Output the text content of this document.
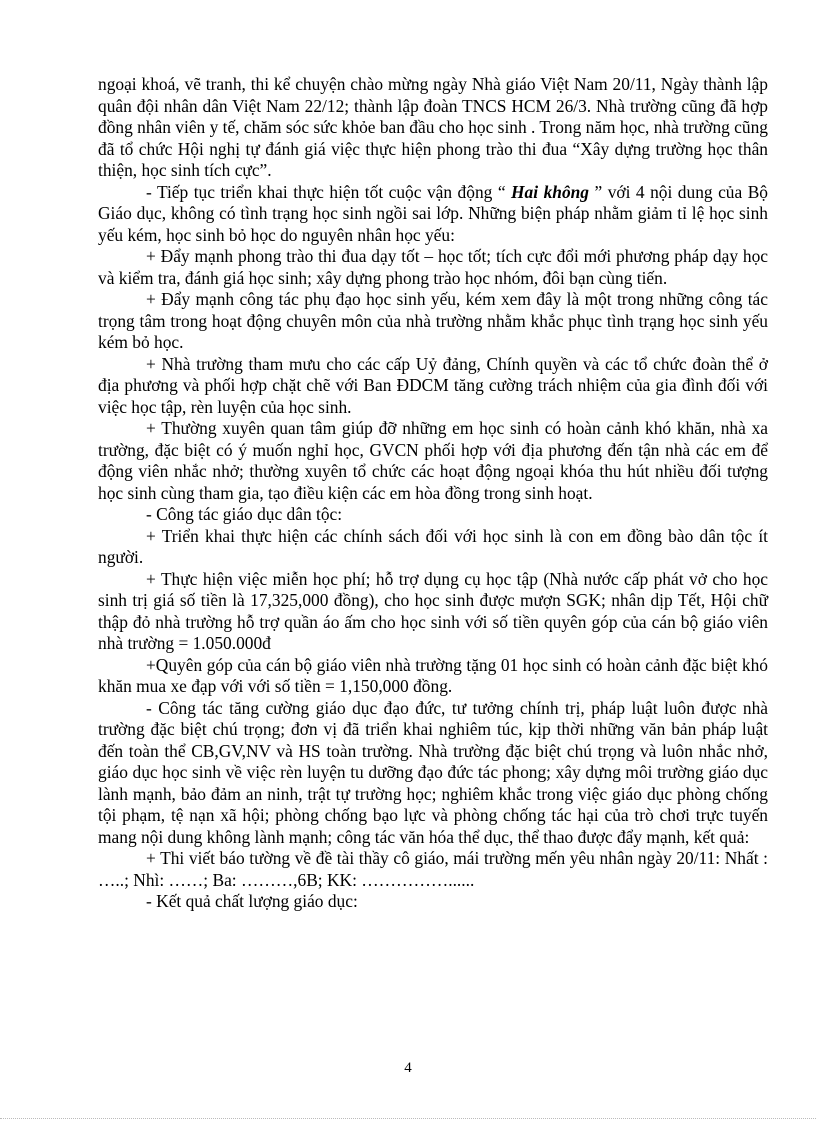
ngoại khoá, vẽ tranh, thi kể chuyện chào mừng ngày Nhà giáo Việt Nam 20/11, Ngày thành lập quân đội nhân dân Việt Nam 22/12; thành lập đoàn TNCS HCM 26/3. Nhà trường cũng đã hợp đồng nhân viên y tế, chăm sóc sức khỏe ban đầu cho học sinh . Trong năm học, nhà trường cũng đã tổ chức Hội nghị tự đánh giá việc thực hiện phong trào thi đua “Xây dựng trường học thân thiện, học sinh tích cực”.

- Tiếp tục triển khai thực hiện tốt cuộc vận động “ Hai không ” với 4 nội dung của Bộ Giáo dục, không có tình trạng học sinh ngồi sai lớp. Những biện pháp nhằm giảm tỉ lệ học sinh yếu kém, học sinh bỏ học do nguyên nhân học yếu:

+ Đẩy mạnh phong trào thi đua dạy tốt – học tốt; tích cực đổi mới phương pháp dạy học và kiểm tra, đánh giá học sinh; xây dựng phong trào học nhóm, đôi bạn cùng tiến.

+ Đẩy mạnh công tác phụ đạo học sinh yếu, kém xem đây là một trong những công tác trọng tâm trong hoạt động chuyên môn của nhà trường nhằm khắc phục tình trạng học sinh yếu kém bỏ học.

+ Nhà trường tham mưu cho các cấp Uỷ đảng, Chính quyền và các tổ chức đoàn thể ở địa phương và phối hợp chặt chẽ với Ban ĐDCM tăng cường trách nhiệm của gia đình đối với việc học tập, rèn luyện của học sinh.

+ Thường xuyên quan tâm giúp đỡ những em học sinh có hoàn cảnh khó khăn, nhà xa trường, đặc biệt có ý muốn nghỉ học, GVCN phối hợp với địa phương đến tận nhà các em để động viên nhắc nhở; thường xuyên tổ chức các hoạt động ngoại khóa thu hút nhiều đối tượng học sinh cùng tham gia, tạo điều kiện các em hòa đồng trong sinh hoạt.

- Công tác giáo dục dân tộc:

+ Triển khai thực hiện các chính sách đối với học sinh là con em đồng bào dân tộc ít người.

+ Thực hiện việc miễn học phí; hỗ trợ dụng cụ học tập (Nhà nước cấp phát vở cho học sinh trị giá số tiền là 17,325,000 đồng), cho học sinh được mượn SGK; nhân dịp Tết, Hội chữ thập đỏ nhà trường hỗ trợ quần áo ấm cho học sinh với số tiền quyên góp của cán bộ giáo viên nhà trường = 1.050.000đ

+Quyên góp của cán bộ giáo viên nhà trường tặng 01 học sinh có hoàn cảnh đặc biệt khó khăn mua xe đạp với với số tiền = 1,150,000 đồng.

- Công tác tăng cường giáo dục đạo đức, tư tưởng chính trị, pháp luật luôn được nhà trường đặc biệt chú trọng; đơn vị đã triển khai nghiêm túc, kịp thời những văn bản pháp luật đến toàn thể CB,GV,NV và HS toàn trường. Nhà trường đặc biệt chú trọng và luôn nhắc nhở, giáo dục học sinh về việc rèn luyện tu dưỡng đạo đức tác phong; xây dựng môi trường giáo dục lành mạnh, bảo đảm an ninh, trật tự trường học; nghiêm khắc trong việc giáo dục phòng chống tội phạm, tệ nạn xã hội; phòng chống bạo lực và phòng chống tác hại của trò chơi trực tuyến mang nội dung không lành mạnh; công tác văn hóa thể dục, thể thao được đẩy mạnh, kết quả:

+ Thi viết báo tường về đề tài thầy cô giáo, mái trường mến yêu nhân ngày 20/11: Nhất : …..; Nhì: ……; Ba: ………,6B; KK: ……………......

- Kết quả chất lượng giáo dục:

4
